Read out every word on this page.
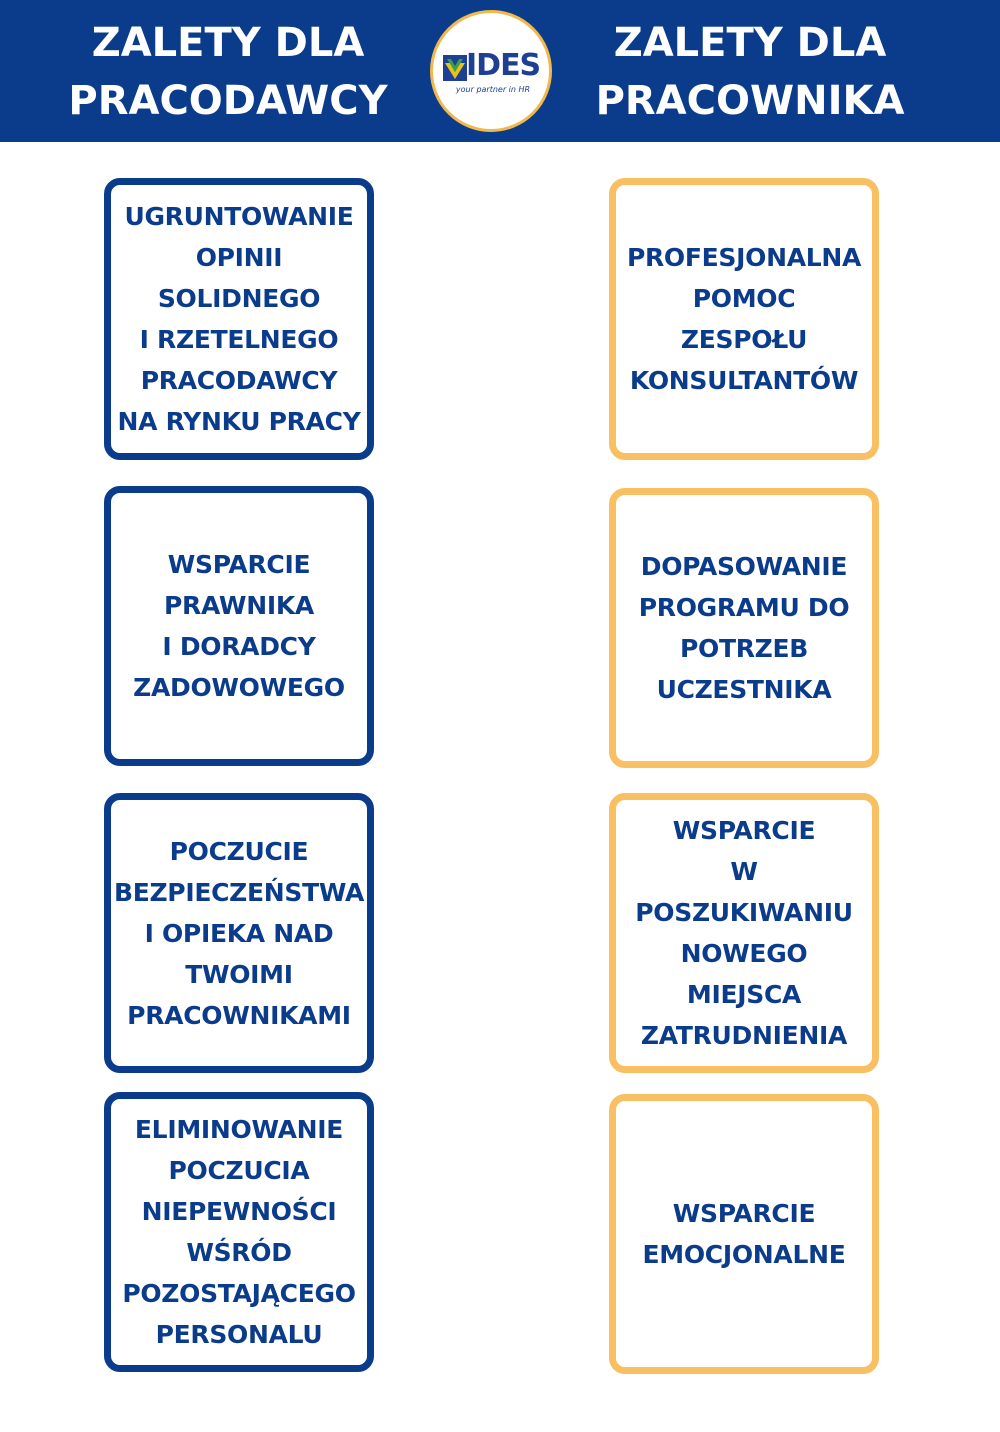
ZALETY DLA
PRACODAWCY
IDES
your partner in HR
ZALETY DLA
PRACOWNIKA
UGRUNTOWANIE
OPINII
SOLIDNEGO
I RZETELNEGO
PRACODAWCY
NA RYNKU PRACY
WSPARCIE
PRAWNIKA
I DORADCY
ZADOWOWEGO
POCZUCIE
BEZPIECZEŃSTWA
I OPIEKA NAD
TWOIMI
PRACOWNIKAMI
ELIMINOWANIE
POCZUCIA
NIEPEWNOŚCI
WŚRÓD
POZOSTAJĄCEGO
PERSONALU
PROFESJONALNA
POMOC
ZESPOŁU
KONSULTANTÓW
DOPASOWANIE
PROGRAMU DO
POTRZEB
UCZESTNIKA
WSPARCIE
W
POSZUKIWANIU
NOWEGO
MIEJSCA
ZATRUDNIENIA
WSPARCIE
EMOCJONALNE
